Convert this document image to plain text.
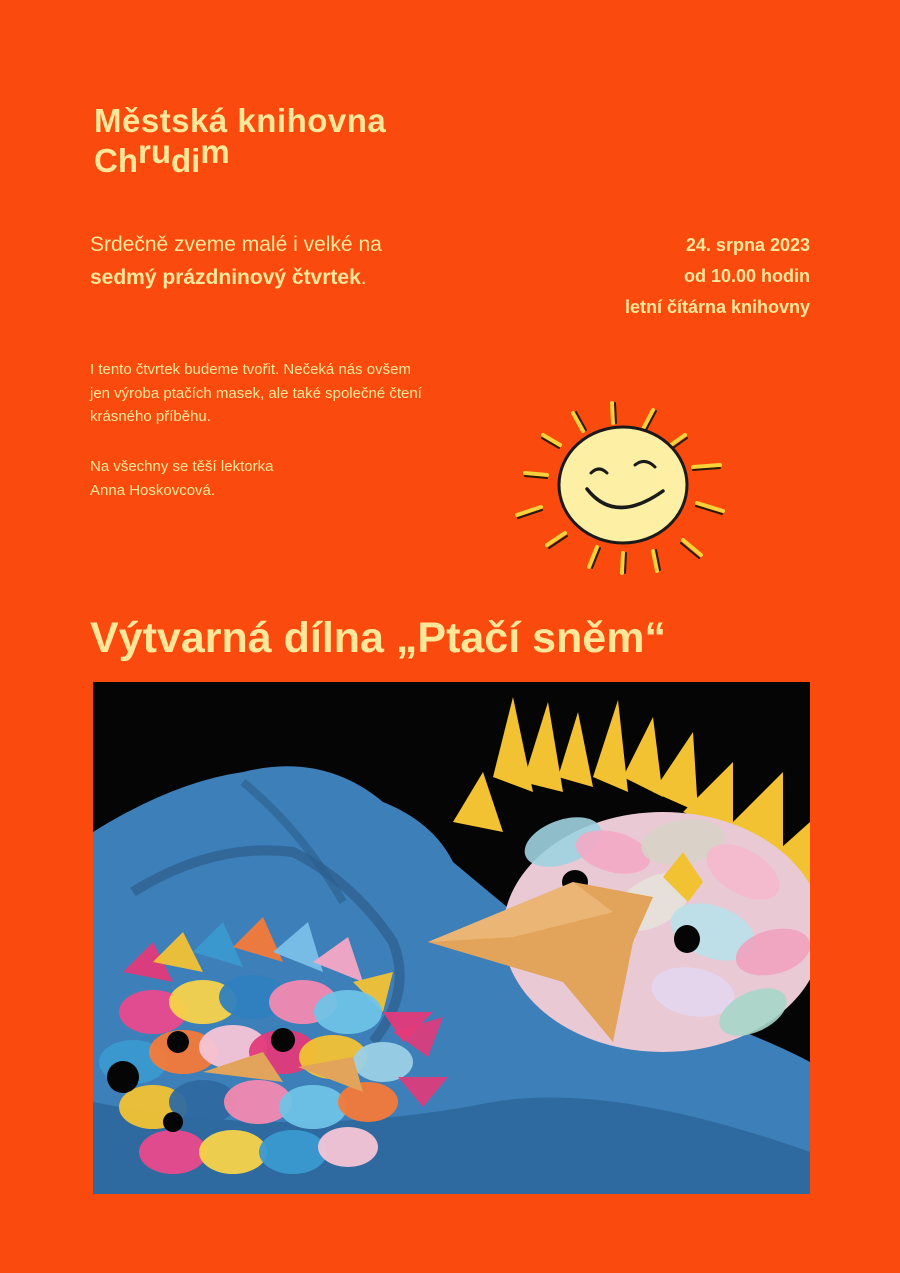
Městská knihovna
Chrudim
Srdečně zveme malé i velké na sedmý prázdninový čtvrtek.
24. srpna 2023
od 10.00 hodin
letní čítárna knihovny
I tento čtvrtek budeme tvořit. Nečeká nás ovšem jen výroba ptačích masek, ale také společné čtení krásného příběhu.
Na všechny se těší lektorka
Anna Hoskovcová.
Výtvarná dílna „Ptačí sněm“
